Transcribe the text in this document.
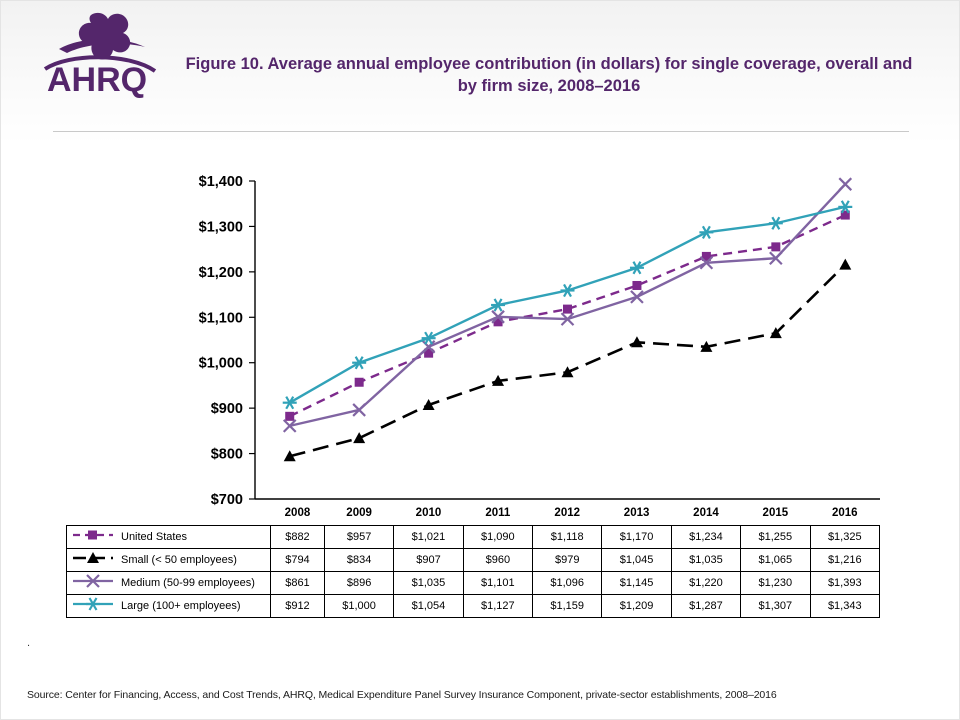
AHRQ	Figure 10. Average annual employee contribution (in dollars) for single coverage, overall and by firm size, 2008–2016
$700
$800
$900
$1,000
$1,100
$1,200
$1,300
$1,400
	2008	2009	2010	2011	2012	2013	2014	2015	2016

United States	$882	$957	$1,021	$1,090	$1,118	$1,170	$1,234	$1,255	$1,325

Small (< 50 employees)	$794	$834	$907	$960	$979	$1,045	$1,035	$1,065	$1,216

Medium (50-99 employees)	$861	$896	$1,035	$1,101	$1,096	$1,145	$1,220	$1,230	$1,393

Large (100+ employees)	$912	$1,000	$1,054	$1,127	$1,159	$1,209	$1,287	$1,307	$1,343
.
Source: Center for Financing, Access, and Cost Trends, AHRQ, Medical Expenditure Panel Survey Insurance Component, private-sector establishments, 2008–2016
